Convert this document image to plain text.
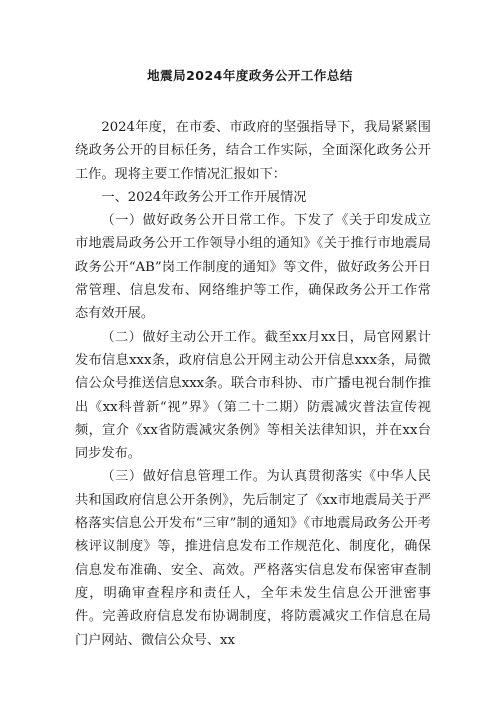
地震局2024年度政务公开工作总结

2024年度，在市委、市政府的坚强指导下，我局紧紧围绕政务公开的目标任务，结合工作实际，全面深化政务公开工作。现将主要工作情况汇报如下：

一、2024年政务公开工作开展情况

（一）做好政务公开日常工作。下发了《关于印发成立市地震局政务公开工作领导小组的通知》《关于推行市地震局政务公开“AB”岗工作制度的通知》等文件，做好政务公开日常管理、信息发布、网络维护等工作，确保政务公开工作常态有效开展。

（二）做好主动公开工作。截至xx月xx日，局官网累计发布信息xxx条，政府信息公开网主动公开信息xxx条，局微信公众号推送信息xxx条。联合市科协、市广播电视台制作推出《xx科普新“视”界》（第二十二期）防震减灾普法宣传视频，宣介《xx省防震减灾条例》等相关法律知识，并在xx台同步发布。

（三）做好信息管理工作。为认真贯彻落实《中华人民共和国政府信息公开条例》，先后制定了《xx市地震局关于严格落实信息公开发布“三审”制的通知》《市地震局政务公开考核评议制度》等，推进信息发布工作规范化、制度化，确保信息发布准确、安全、高效。严格落实信息发布保密审查制度，明确审查程序和责任人，全年未发生信息公开泄密事件。完善政府信息发布协调制度，将防震减灾工作信息在局门户网站、微信公众号、xx
